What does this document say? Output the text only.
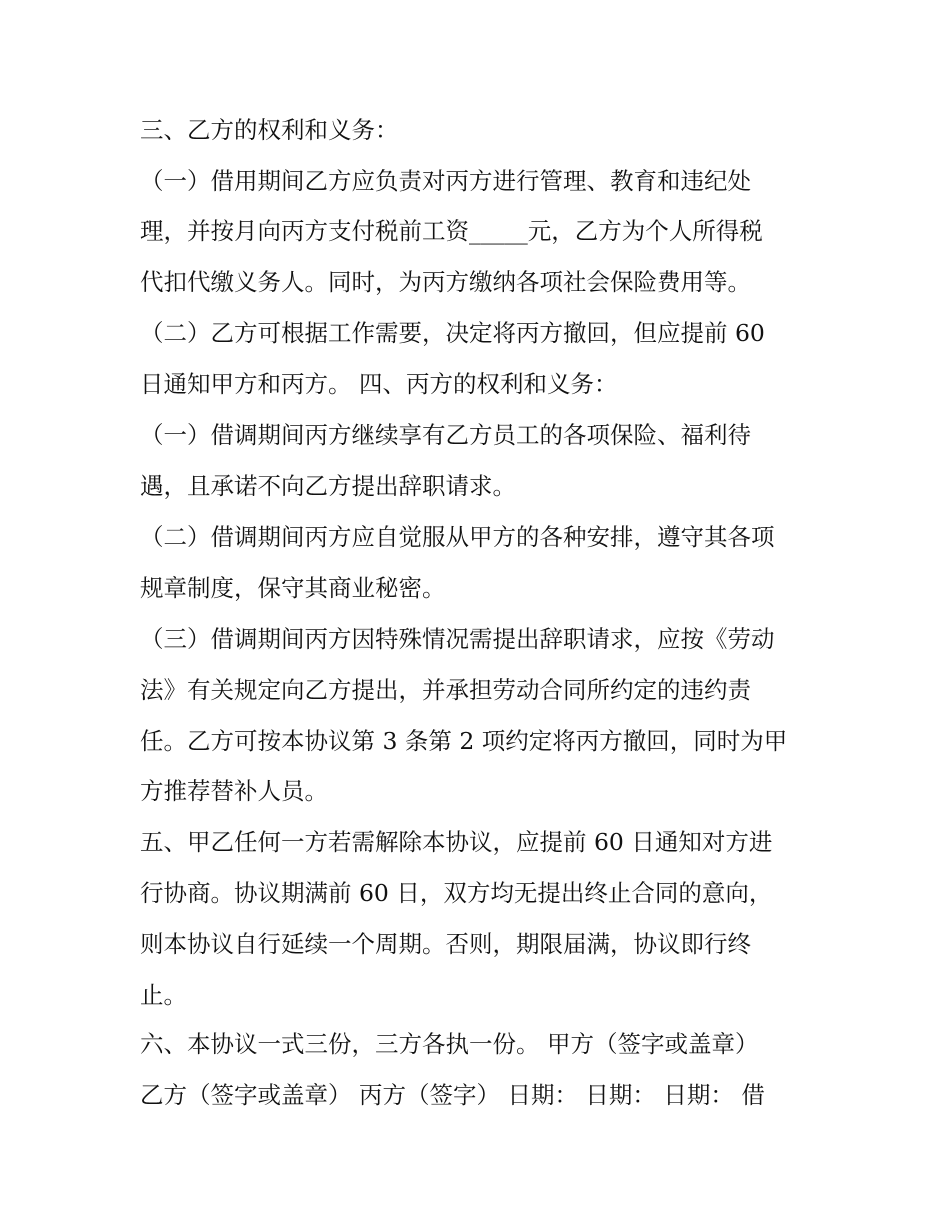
三、乙方的权利和义务：
（一）借用期间乙方应负责对丙方进行管理、教育和违纪处
理，并按月向丙方支付税前工资_____元，乙方为个人所得税
代扣代缴义务人。同时，为丙方缴纳各项社会保险费用等。
（二）乙方可根据工作需要，决定将丙方撤回，但应提前 60
日通知甲方和丙方。 四、丙方的权利和义务：
（一）借调期间丙方继续享有乙方员工的各项保险、福利待
遇，且承诺不向乙方提出辞职请求。
（二）借调期间丙方应自觉服从甲方的各种安排，遵守其各项
规章制度，保守其商业秘密。
（三）借调期间丙方因特殊情况需提出辞职请求，应按《劳动
法》有关规定向乙方提出，并承担劳动合同所约定的违约责
任。乙方可按本协议第 3 条第 2 项约定将丙方撤回，同时为甲
方推荐替补人员。
五、甲乙任何一方若需解除本协议，应提前 60 日通知对方进
行协商。协议期满前 60 日，双方均无提出终止合同的意向，
则本协议自行延续一个周期。否则，期限届满，协议即行终
止。
六、本协议一式三份，三方各执一份。 甲方（签字或盖章）
乙方（签字或盖章） 丙方（签字） 日期： 日期： 日期： 借
